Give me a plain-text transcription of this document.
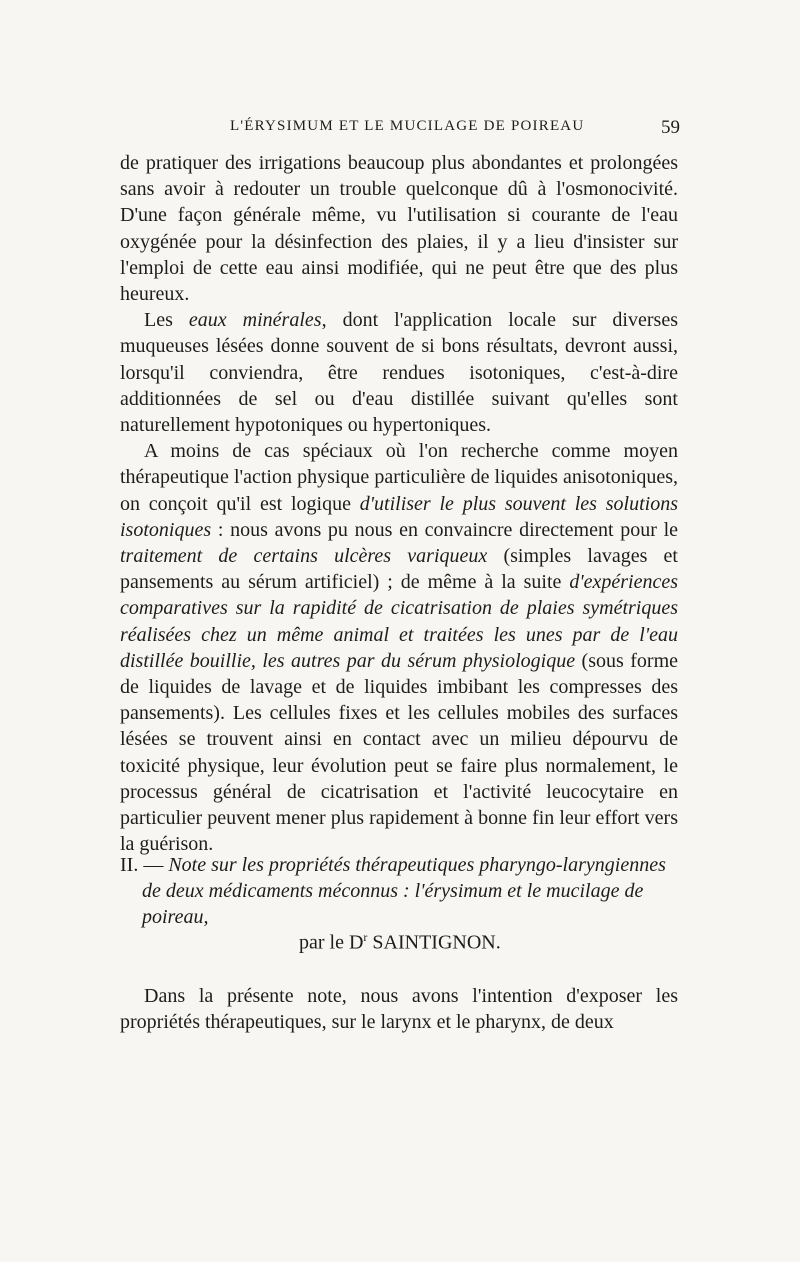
L'ÉRYSIMUM ET LE MUCILAGE DE POIREAU	59

de pratiquer des irrigations beaucoup plus abondantes et prolongées sans avoir à redouter un trouble quelconque dû à l'osmonocivité. D'une façon générale même, vu l'utilisation si courante de l'eau oxygénée pour la désinfection des plaies, il y a lieu d'insister sur l'emploi de cette eau ainsi modifiée, qui ne peut être que des plus heureux.

Les eaux minérales, dont l'application locale sur diverses muqueuses lésées donne souvent de si bons résultats, devront aussi, lorsqu'il conviendra, être rendues isotoniques, c'est-à-dire additionnées de sel ou d'eau distillée suivant qu'elles sont naturellement hypotoniques ou hypertoniques.

A moins de cas spéciaux où l'on recherche comme moyen thérapeutique l'action physique particulière de liquides anisotoniques, on conçoit qu'il est logique d'utiliser le plus souvent les solutions isotoniques : nous avons pu nous en convaincre directement pour le traitement de certains ulcères variqueux (simples lavages et pansements au sérum artificiel) ; de même à la suite d'expériences comparatives sur la rapidité de cicatrisation de plaies symétriques réalisées chez un même animal et traitées les unes par de l'eau distillée bouillie, les autres par du sérum physiologique (sous forme de liquides de lavage et de liquides imbibant les compresses des pansements). Les cellules fixes et les cellules mobiles des surfaces lésées se trouvent ainsi en contact avec un milieu dépourvu de toxicité physique, leur évolution peut se faire plus normalement, le processus général de cicatrisation et l'activité leucocytaire en particulier peuvent mener plus rapidement à bonne fin leur effort vers la guérison.

II. — Note sur les propriétés thérapeutiques pharyngo-laryngiennes
de deux médicaments méconnus : l'érysimum et le mucilage de
poireau,
par le $D^r$ SAINTIGNON.

Dans la présente note, nous avons l'intention d'exposer les propriétés thérapeutiques, sur le larynx et le pharynx, de deux
